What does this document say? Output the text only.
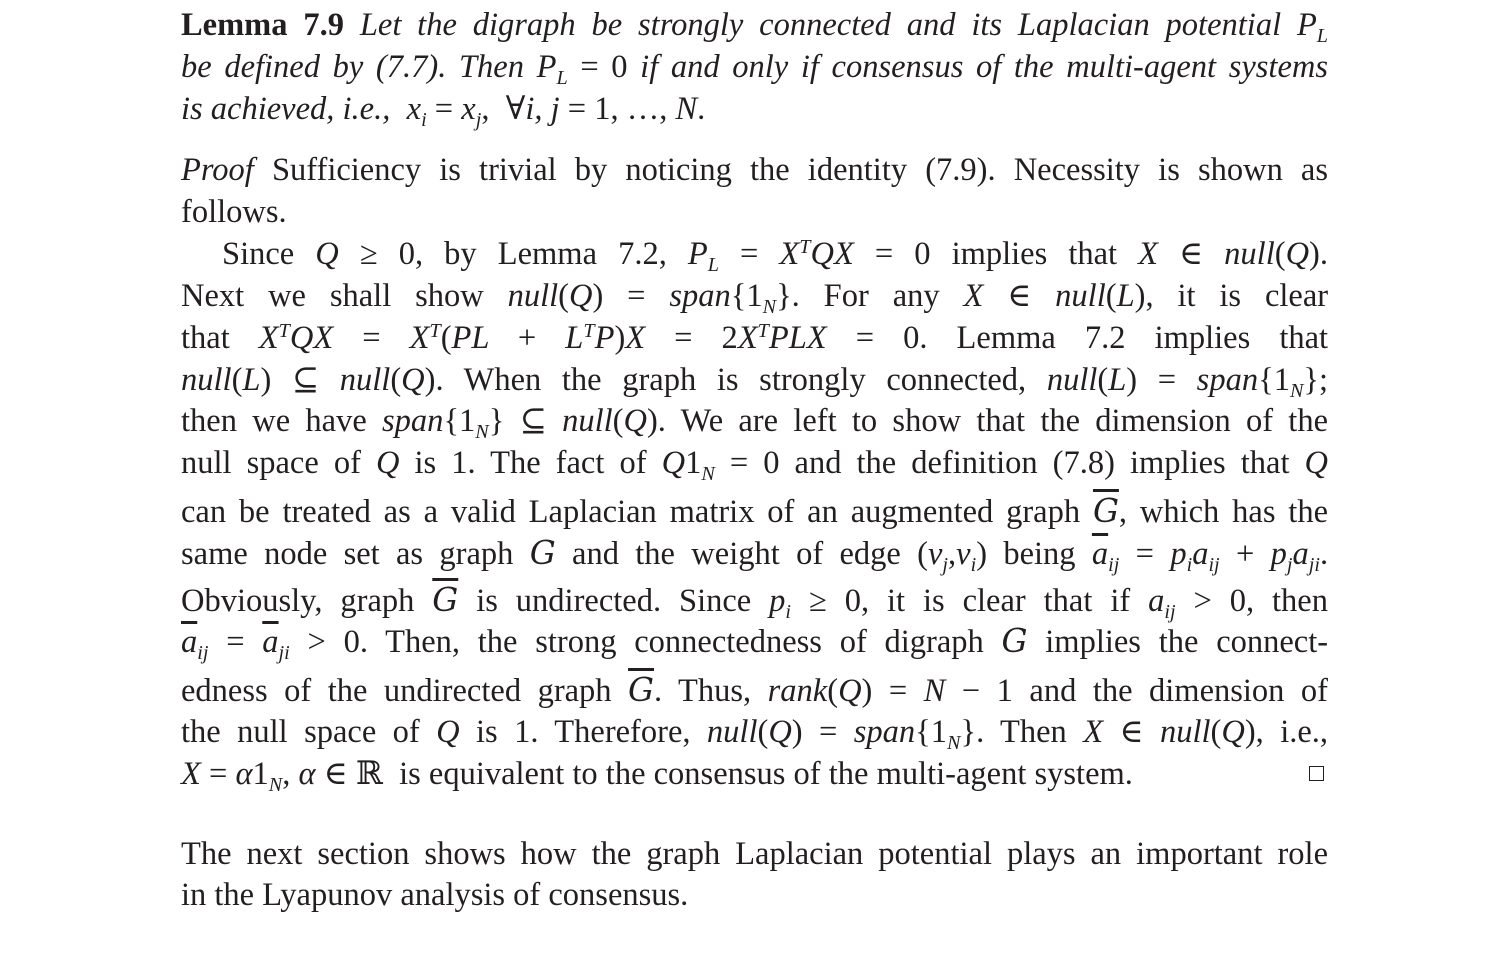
Lemma 7.9 Let the digraph be strongly connected and its Laplacian potential $P_L$
be defined by (7.7). Then $P_L = 0$ if and only if consensus of the multi-agent systems
is achieved, i.e.,  $x_i = x_j$, ∀i, j = 1, …, N.
Proof Sufficiency is trivial by noticing the identity (7.9). Necessity is shown as
follows.
Since Q ≥ 0, by Lemma 7.2, $P_L = X^TQX = 0$ implies that X ∈ null(Q).
Next we shall show null(Q) = $span\{1_N\}$. For any X ∈ null(L), it is clear
that $X^TQX = X^T(PL + L^TP)X = 2X^TPLX = 0$. Lemma 7.2 implies that
null(L) ⊆ null(Q). When the graph is strongly connected, null(L) = $span\{1_N\}$;
then we have $span\{1_N\}$ ⊆ null(Q). We are left to show that the dimension of the
null space of Q is 1. The fact of $Q1_N = 0$ and the definition (7.8) implies that Q
can be treated as a valid Laplacian matrix of an augmented graph $\overline{G}$, which has the
same node set as graph G and the weight of edge $(v_j,v_i)$ being $\overline{a}_{ij} = p_ia_{ij} + p_ja_{ji}$.
Obviously, graph $\overline{G}$ is undirected. Since $p_i \ge 0$, it is clear that if $a_{ij} > 0$, then
$\overline{a}_{ij} = \overline{a}_{ji} > 0$. Then, the strong connectedness of digraph G implies the connect-
edness of the undirected graph $\overline{G}$. Thus, rank(Q) = N − 1 and the dimension of
the null space of Q is 1. Therefore, null(Q) = $span\{1_N\}$. Then X ∈ null(Q), i.e.,
$X = \alpha 1_N$, α ∈ ℝ  is equivalent to the consensus of the multi-agent system.
The next section shows how the graph Laplacian potential plays an important role
in the Lyapunov analysis of consensus.
